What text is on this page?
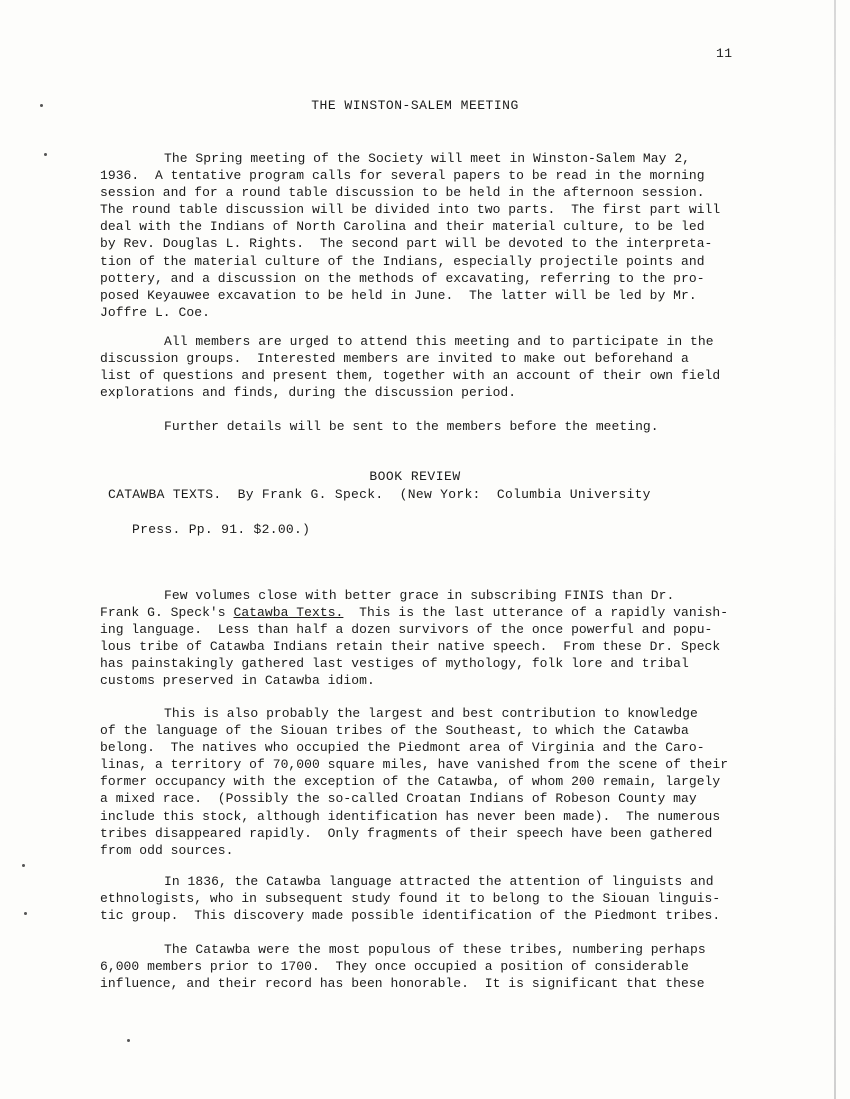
11
THE WINSTON-SALEM MEETING
The Spring meeting of the Society will meet in Winston-Salem May 2,
1936.  A tentative program calls for several papers to be read in the morning
session and for a round table discussion to be held in the afternoon session.
The round table discussion will be divided into two parts.  The first part will
deal with the Indians of North Carolina and their material culture, to be led
by Rev. Douglas L. Rights.  The second part will be devoted to the interpreta-
tion of the material culture of the Indians, especially projectile points and
pottery, and a discussion on the methods of excavating, referring to the pro-
posed Keyauwee excavation to be held in June.  The latter will be led by Mr.
Joffre L. Coe.
All members are urged to attend this meeting and to participate in the
discussion groups.  Interested members are invited to make out beforehand a
list of questions and present them, together with an account of their own field
explorations and finds, during the discussion period.
Further details will be sent to the members before the meeting.
BOOK REVIEW
CATAWBA TEXTS.  By Frank G. Speck.  (New York:  Columbia University
Press. Pp. 91. $2.00.)
Few volumes close with better grace in subscribing FINIS than Dr.
Frank G. Speck's Catawba Texts.  This is the last utterance of a rapidly vanish-
ing language.  Less than half a dozen survivors of the once powerful and popu-
lous tribe of Catawba Indians retain their native speech.  From these Dr. Speck
has painstakingly gathered last vestiges of mythology, folk lore and tribal
customs preserved in Catawba idiom.
This is also probably the largest and best contribution to knowledge
of the language of the Siouan tribes of the Southeast, to which the Catawba
belong.  The natives who occupied the Piedmont area of Virginia and the Caro-
linas, a territory of 70,000 square miles, have vanished from the scene of their
former occupancy with the exception of the Catawba, of whom 200 remain, largely
a mixed race.  (Possibly the so-called Croatan Indians of Robeson County may
include this stock, although identification has never been made).  The numerous
tribes disappeared rapidly.  Only fragments of their speech have been gathered
from odd sources.
In 1836, the Catawba language attracted the attention of linguists and
ethnologists, who in subsequent study found it to belong to the Siouan linguis-
tic group.  This discovery made possible identification of the Piedmont tribes.
The Catawba were the most populous of these tribes, numbering perhaps
6,000 members prior to 1700.  They once occupied a position of considerable
influence, and their record has been honorable.  It is significant that these
